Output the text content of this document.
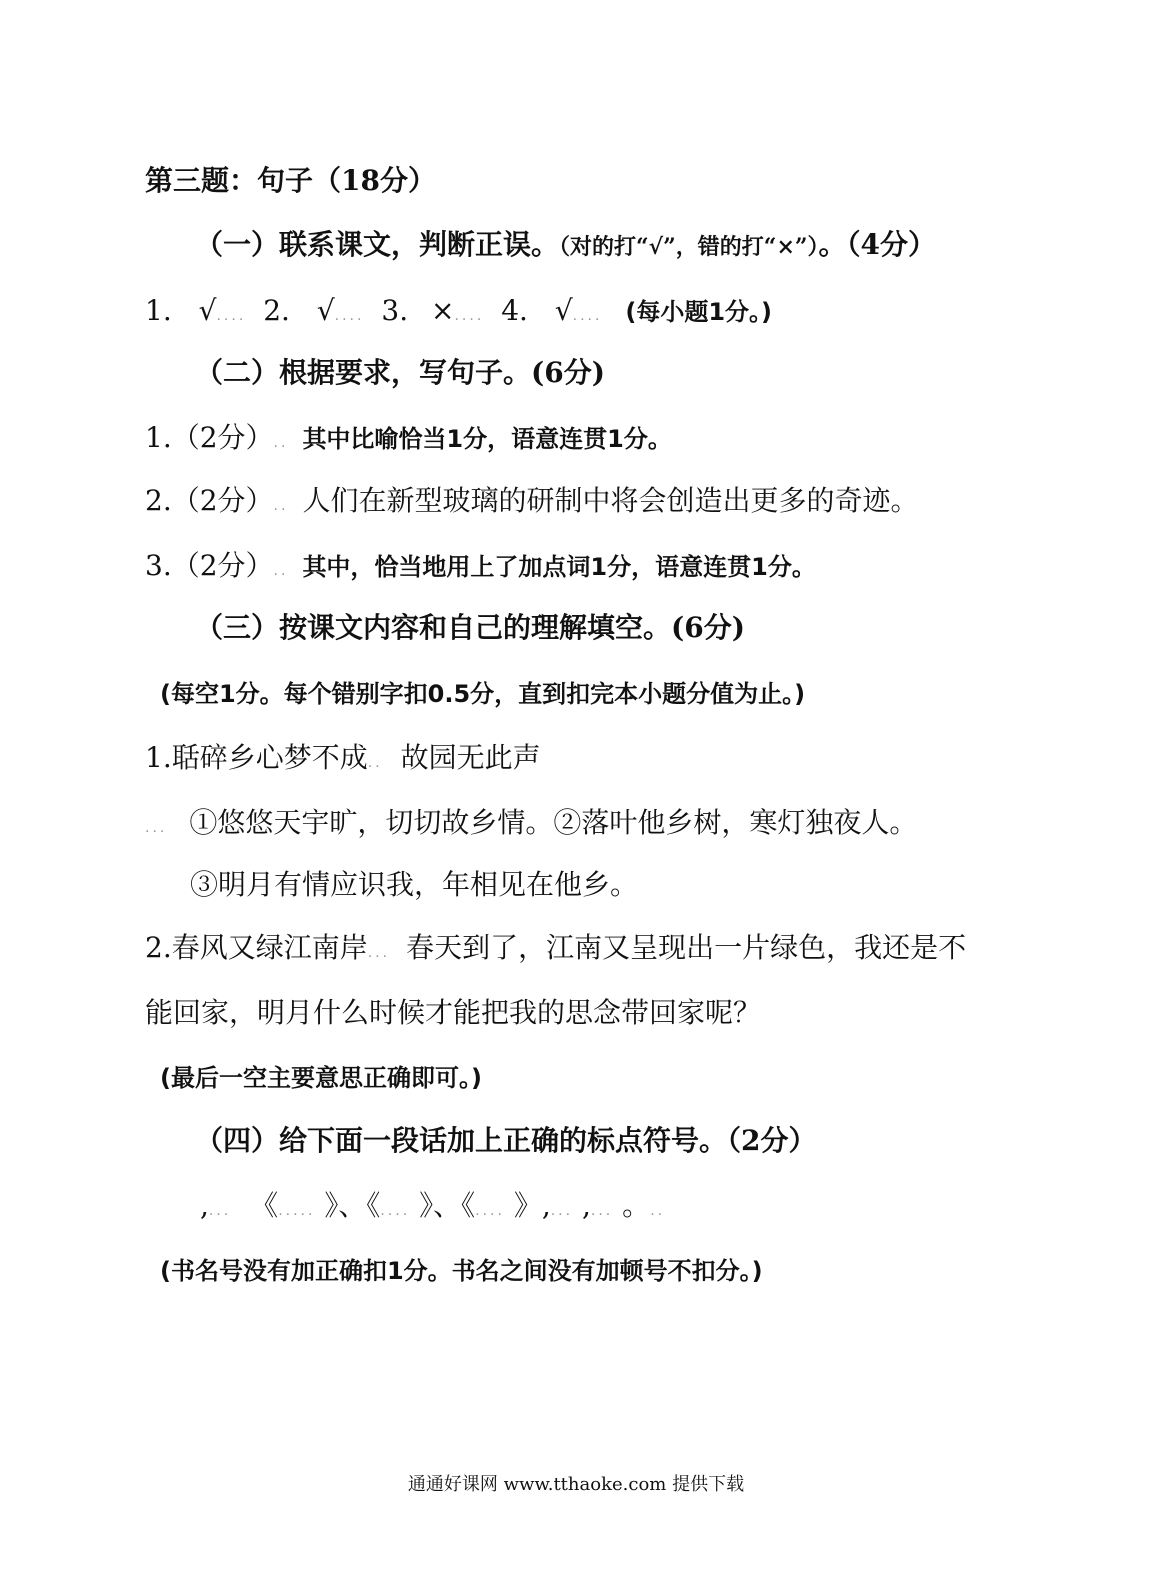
第三题：句子（18分）
（一）联系课文，判断正误。（对的打“√”，错的打“×”）。（4分）
1. √.... 2. √.... 3. ×.... 4. √.... (每小题1分。)
（二）根据要求，写句子。(6分)
1.（2分）.. 其中比喻恰当1分，语意连贯1分。
2.（2分）.. 人们在新型玻璃的研制中将会创造出更多的奇迹。
3.（2分）.. 其中，恰当地用上了加点词1分，语意连贯1分。
（三）按课文内容和自己的理解填空。(6分)
(每空1分。每个错别字扣0.5分，直到扣完本小题分值为止。)
1.聒碎乡心梦不成.. 故园无此声
... ①悠悠天宇旷，切切故乡情。②落叶他乡树，寒灯独夜人。
③明月有情应识我，年相见在他乡。
2.春风又绿江南岸... 春天到了，江南又呈现出一片绿色，我还是不
能回家，明月什么时候才能把我的思念带回家呢？
(最后一空主要意思正确即可。)
（四）给下面一段话加上正确的标点符号。（2分）
,... 《..... 》、《.... 》、《.... 》,... ,... 。..
(书名号没有加正确扣1分。书名之间没有加顿号不扣分。)
通通好课网 www.tthaoke.com 提供下载
